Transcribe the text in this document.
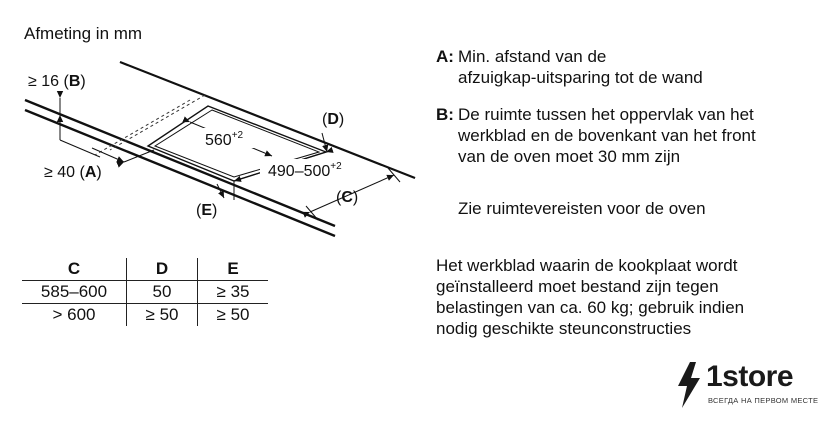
Afmeting in mm
$560^{+2}$
$490-500^{+2}$
≥ 16 (B)
≥ 40 (A)
(D)
(C)
(E)
A: Min. afstand van de
afzuigkap-uitsparing tot de wand
B: De ruimte tussen het oppervlak van het
werkblad en de bovenkant van het front
van de oven moet 30 mm zijn
Zie ruimtevereisten voor de oven
Het werkblad waarin de kookplaat wordt
geïnstalleerd moet bestand zijn tegen
belastingen van ca. 60 kg; gebruik indien
nodig geschikte steunconstructies
C	D	E
585–600	50	≥ 35
> 600	≥ 50	≥ 50
1store
ВСЕГДА НА ПЕРВОМ МЕСТЕ
